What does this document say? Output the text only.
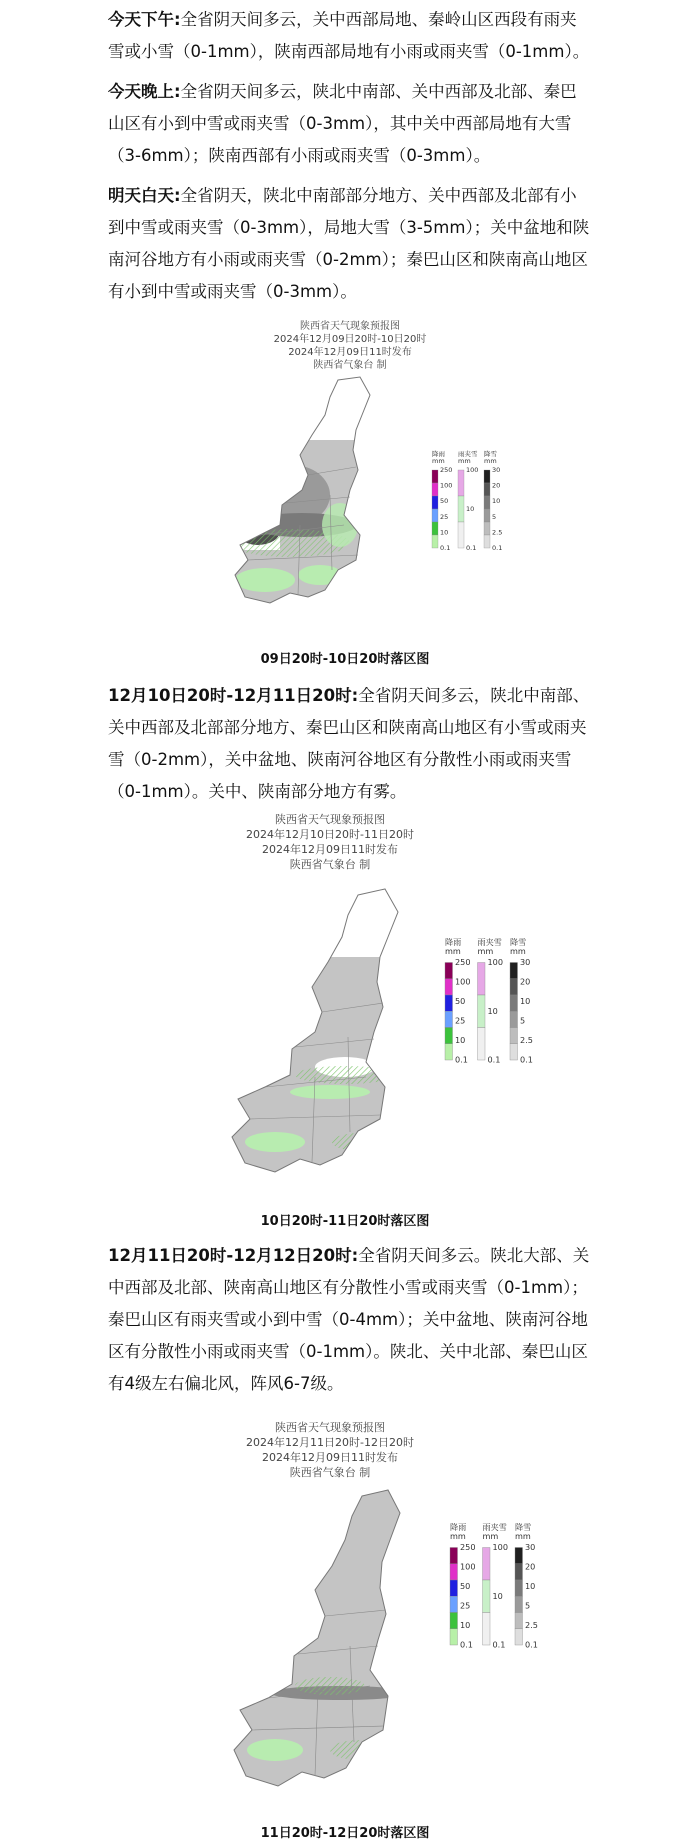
今天下午:全省阴天间多云，关中西部局地、秦岭山区西段有雨夹雪或小雪（0-1mm），陕南西部局地有小雨或雨夹雪（0-1mm）。

今天晚上:全省阴天间多云，陕北中南部、关中西部及北部、秦巴山区有小到中雪或雨夹雪（0-3mm），其中关中西部局地有大雪（3-6mm）；陕南西部有小雨或雨夹雪（0-3mm）。

明天白天:全省阴天，陕北中南部部分地方、关中西部及北部有小到中雪或雨夹雪（0-3mm），局地大雪（3-5mm）；关中盆地和陕南河谷地方有小雨或雨夹雪（0-2mm）；秦巴山区和陕南高山地区有小到中雪或雨夹雪（0-3mm）。

陕西省天气现象预报图
2024年12月09日20时-10日20时
2024年12月09日11时发布
陕西省气象台 制
09日20时-10日20时落区图

12月10日20时-12月11日20时:全省阴天间多云，陕北中南部、关中西部及北部部分地方、秦巴山区和陕南高山地区有小雪或雨夹雪（0-2mm），关中盆地、陕南河谷地区有分散性小雨或雨夹雪（0-1mm）。关中、陕南部分地方有雾。

陕西省天气现象预报图
2024年12月10日20时-11日20时
2024年12月09日11时发布
陕西省气象台 制
10日20时-11日20时落区图

12月11日20时-12月12日20时:全省阴天间多云。陕北大部、关中西部及北部、陕南高山地区有分散性小雪或雨夹雪（0-1mm）；秦巴山区有雨夹雪或小到中雪（0-4mm）；关中盆地、陕南河谷地区有分散性小雨或雨夹雪（0-1mm）。陕北、关中北部、秦巴山区有4级左右偏北风，阵风6-7级。

陕西省天气现象预报图
2024年12月11日20时-12日20时
2024年12月09日11时发布
陕西省气象台 制
11日20时-12日20时落区图
降雨
mm
250
100
50
25
10
0.1
雨夹雪
mm
100
10
0.1
降雪
mm
30
20
10
5
2.5
0.1
降雨
mm
250
100
50
25
10
0.1
雨夹雪
mm
100
10
0.1
降雪
mm
30
20
10
5
2.5
0.1
降雨
mm
250
100
50
25
10
0.1
雨夹雪
mm
100
10
0.1
降雪
mm
30
20
10
5
2.5
0.1
